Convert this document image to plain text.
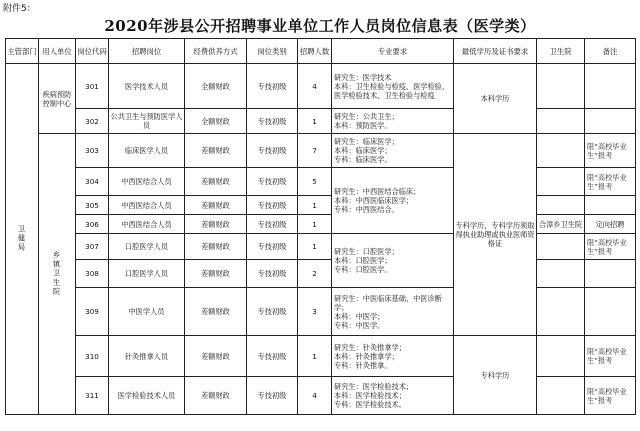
附件5：
2020年涉县公开招聘事业单位工作人员岗位信息表（医学类）
主管部门	用人单位	岗位代码	招聘岗位	经费供养方式	岗位类别	招聘人数	专业要求	最低学历及证书要求	卫生院	备注

卫健局	疾病预防控制中心	301	医学技术人员	全额财政	专技初级	4	研究生：医学技术
本科：卫生检验与检疫、医学检验、医学检验技术、卫生检验与检疫	本科学历		
		302	公共卫生与预防医学人员	全额财政	专技初级	1	研究生：公共卫生；
本科：预防医学。			

	乡镇卫生院	303	临床医学人员	差额财政	专技初级	7	研究生：临床医学；
本科：临床医学；
专科：临床医学。	专科学历，专科学历须取得执业助理或执业医师资格证		限“高校毕业生”报考
		304	中西医结合人员	差额财政	专技初级	5	研究生：中西医结合临床；
本科：中西医临床医学；
专科：中西医结合。			限“高校毕业生”报考
		305	中西医结合人员	差额财政	专技初级	1				
		306	中西医结合人员	差额财政	专技初级	1			合漳乡卫生院	定向招聘
		307	口腔医学人员	差额财政	专技初级	1	研究生：口腔医学；
本科：口腔医学；
专科：口腔医学。			限“高校毕业生”报考
		308	口腔医学人员	差额财政	专技初级	2				
		309	中医学人员	差额财政	专技初级	3	研究生：中医临床基础、中医诊断学；
本科：中医学；
专科：中医学。			
		310	针灸推拿人员	差额财政	专技初级	1	研究生：针灸推拿学；
本科：针灸推拿学；
专科：针灸推拿。	专科学历		限“高校毕业生”报考
		311	医学检验技术人员	差额财政	专技初级	4	研究生：医学检验技术；
本科：医学检验技术；
专科：医学检验技术。			限“高校毕业生”报考
